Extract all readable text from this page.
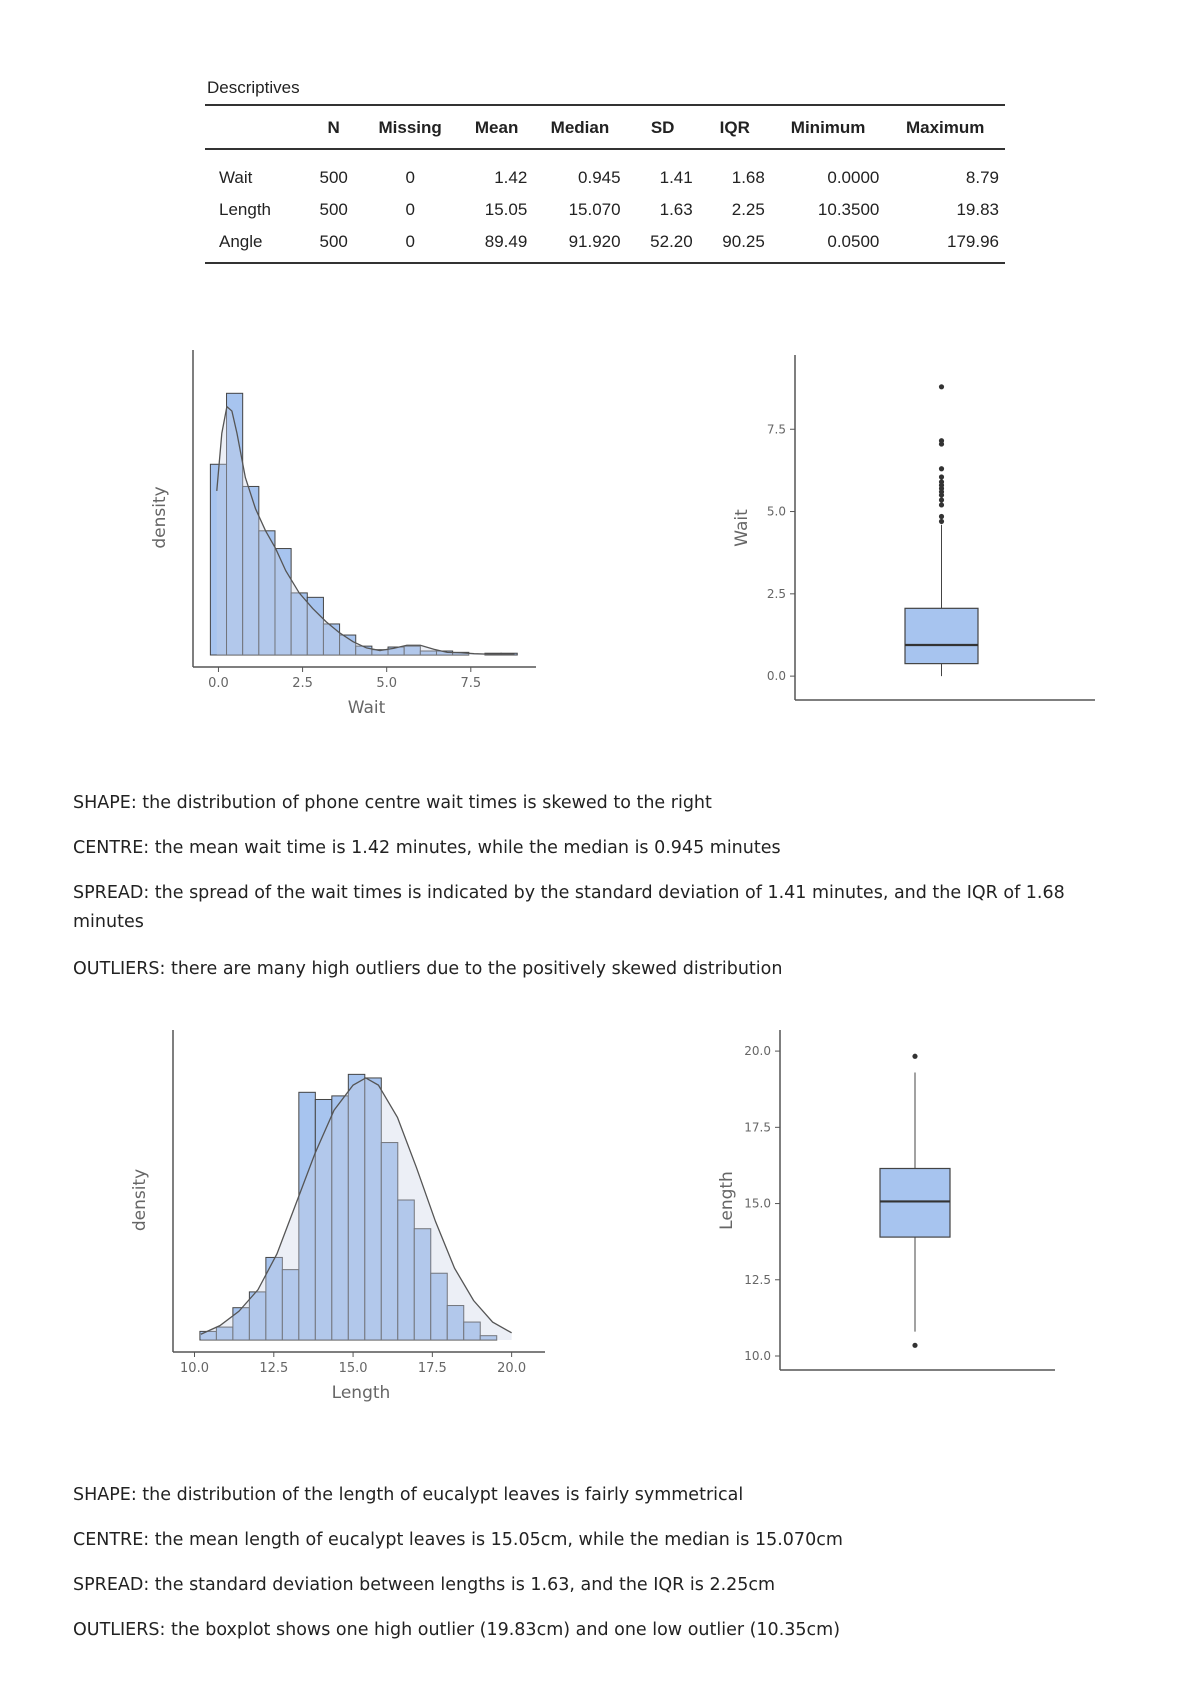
Descriptives
	N	Missing	Mean	Median	SD	IQR	Minimum	Maximum
Wait	500	0	1.42	0.945	1.41	1.68	0.0000	8.79
Length	500	0	15.05	15.070	1.63	2.25	10.3500	19.83
Angle	500	0	89.49	91.920	52.20	90.25	0.0500	179.96
0.0	2.5	5.0	7.5
Wait
density
0.0
2.5
5.0
7.5
Wait

SHAPE: the distribution of phone centre wait times is skewed to the right

CENTRE: the mean wait time is 1.42 minutes, while the median is 0.945 minutes

SPREAD: the spread of the wait times is indicated by the standard deviation of 1.41 minutes, and the IQR of 1.68 minutes

OUTLIERS: there are many high outliers due to the positively skewed distribution

10.0	12.5	15.0	17.5	20.0
Length
density
10.0
12.5
15.0
17.5
20.0
Length

SHAPE: the distribution of the length of eucalypt leaves is fairly symmetrical

CENTRE: the mean length of eucalypt leaves is 15.05cm, while the median is 15.070cm

SPREAD: the standard deviation between lengths is 1.63, and the IQR is 2.25cm

OUTLIERS: the boxplot shows one high outlier (19.83cm) and one low outlier (10.35cm)
